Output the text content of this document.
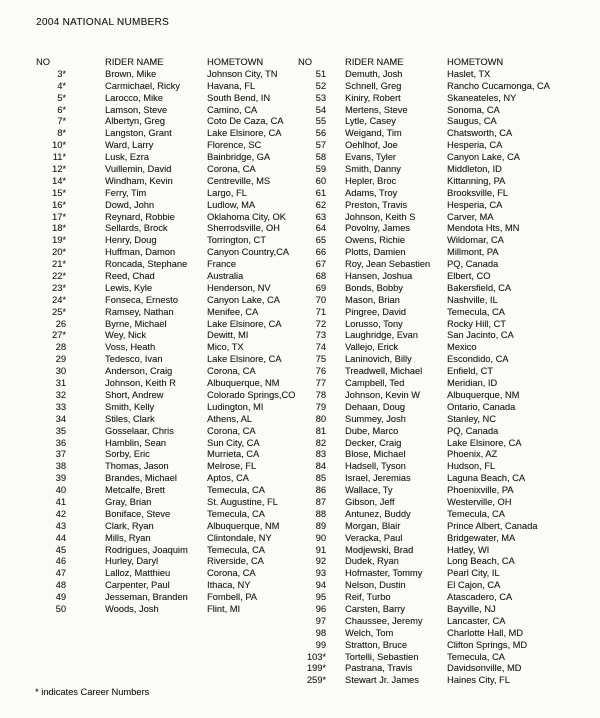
2004 NATIONAL NUMBERS
NO	RIDER NAME	HOMETOWN
3*	Brown, Mike	Johnson City, TN
4*	Carmichael, Ricky	Havana, FL
5*	Larocco, Mike	South Bend, IN
6*	Lamson, Steve	Camino, CA
7*	Albertyn, Greg	Coto De Caza, CA
8*	Langston, Grant	Lake Elsinore, CA
10*	Ward, Larry	Florence, SC
11*	Lusk, Ezra	Bainbridge, GA
12*	Vuillemin, David	Corona, CA
14*	Windham, Kevin	Centreville, MS
15*	Ferry, Tim	Largo, FL
16*	Dowd, John	Ludlow, MA
17*	Reynard, Robbie	Oklahoma City, OK
18*	Sellards, Brock	Sherrodsville, OH
19*	Henry, Doug	Torrington, CT
20*	Huffman, Damon	Canyon Country,CA
21*	Roncada, Stephane	France
22*	Reed, Chad	Australia
23*	Lewis, Kyle	Henderson, NV
24*	Fonseca, Ernesto	Canyon Lake, CA
25*	Ramsey, Nathan	Menifee, CA
26	Byrne, Michael	Lake Elsinore, CA
27*	Wey, Nick	Dewitt, MI
28	Voss, Heath	Mico, TX
29	Tedesco, Ivan	Lake Elsinore, CA
30	Anderson, Craig	Corona, CA
31	Johnson, Keith R	Albuquerque, NM
32	Short, Andrew	Colorado Springs,CO
33	Smith, Kelly	Ludington, MI
34	Stiles, Clark	Athens, AL
35	Gosselaar, Chris	Corona, CA
36	Hamblin, Sean	Sun City, CA
37	Sorby, Eric	Murrieta, CA
38	Thomas, Jason	Melrose, FL
39	Brandes, Michael	Aptos, CA
40	Metcalfe, Brett	Temecula, CA
41	Gray, Brian	St. Augustine, FL
42	Boniface, Steve	Temecula, CA
43	Clark, Ryan	Albuquerque, NM
44	Mills, Ryan	Clintondale, NY
45	Rodrigues, Joaquim	Temecula, CA
46	Hurley, Daryl	Riverside, CA
47	Lalloz, Matthieu	Corona, CA
48	Carpenter, Paul	Ithaca, NY
49	Jesseman, Branden	Fombell, PA
50	Woods, Josh	Flint, MI
NO	RIDER NAME	HOMETOWN
51 Demuth, Josh	Haslet, TX
52 Schnell, Greg	Rancho Cucamonga, CA
53 Kiniry, Robert	Skaneateles, NY
54 Mertens, Steve	Sonoma, CA
55 Lytle, Casey	Saugus, CA
56 Weigand, Tim	Chatsworth, CA
57 Oehlhof, Joe	Hesperia, CA
58 Evans, Tyler	Canyon Lake, CA
59 Smith, Danny	Middleton, ID
60 Hepler, Broc	Kittanning, PA
61 Adams, Troy	Brooksville, FL
62 Preston, Travis	Hesperia, CA
63 Johnson, Keith S	Carver, MA
64 Povolny, James	Mendota Hts, MN
65 Owens, Richie	Wildomar, CA
66 Plotts, Damien	Millmont, PA
67 Roy, Jean Sebastien	PQ, Canada
68 Hansen, Joshua	Elbert, CO
69 Bonds, Bobby	Bakersfield, CA
70 Mason, Brian	Nashville, IL
71 Pingree, David	Temecula, CA
72 Lorusso, Tony	Rocky Hill, CT
73 Laughridge, Evan	San Jacinto, CA
74 Vallejo, Erick	Mexico
75 Laninovich, Billy	Escondido, CA
76 Treadwell, Michael	Enfield, CT
77 Campbell, Ted	Meridian, ID
78 Johnson, Kevin W	Albuquerque, NM
79 Dehaan, Doug	Ontario, Canada
80 Summey, Josh	Stanley, NC
81 Dube, Marco	PQ, Canada
82 Decker, Craig	Lake Elsinore, CA
83 Blose, Michael	Phoenix, AZ
84 Hadsell, Tyson	Hudson, FL
85 Israel, Jeremias	Laguna Beach, CA
86 Wallace, Ty	Phoenixville, PA
87 Gibson, Jeff	Westerville, OH
88 Antunez, Buddy	Temecula, CA
89 Morgan, Blair	Prince Albert, Canada
90 Veracka, Paul	Bridgewater, MA
91 Modjewski, Brad	Hatley, WI
92 Dudek, Ryan	Long Beach, CA
93 Hofmaster, Tommy	Pearl City, IL
94 Nelson, Dustin	El Cajon, CA
95 Reif, Turbo	Atascadero, CA
96 Carsten, Barry	Bayville, NJ
97 Chaussee, Jeremy	Lancaster, CA
98 Welch, Tom	Charlotte Hall, MD
99 Stratton, Bruce	Clifton Springs, MD
103* Tortelli, Sebastien	Temecula, CA
199* Pastrana, Travis	Davidsonville, MD
259* Stewart Jr. James	Haines City, FL
* indicates Career Numbers
